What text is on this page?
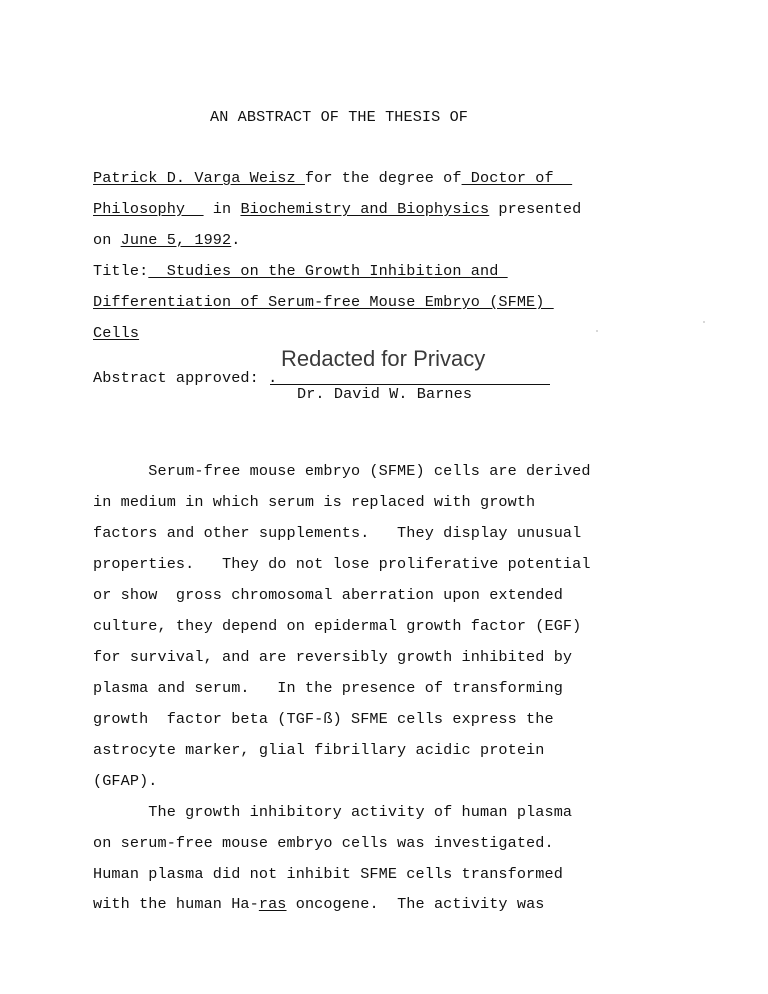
AN ABSTRACT OF THE THESIS OF
Patrick D. Varga Weisz for the degree of Doctor of
Philosophy   in Biochemistry and Biophysics presented
on June 5, 1992.
Title:  Studies on the Growth Inhibition and
Differentiation of Serum-free Mouse Embryo (SFME)
Cells
Redacted for Privacy
Abstract approved: .
Dr. David W. Barnes
Serum-free mouse embryo (SFME) cells are derived
in medium in which serum is replaced with growth
factors and other supplements.   They display unusual
properties.   They do not lose proliferative potential
or show  gross chromosomal aberration upon extended
culture, they depend on epidermal growth factor (EGF)
for survival, and are reversibly growth inhibited by
plasma and serum.   In the presence of transforming
growth  factor beta (TGF-ß) SFME cells express the
astrocyte marker, glial fibrillary acidic protein
(GFAP).
The growth inhibitory activity of human plasma
on serum-free mouse embryo cells was investigated.
Human plasma did not inhibit SFME cells transformed
with the human Ha-ras oncogene.  The activity was
